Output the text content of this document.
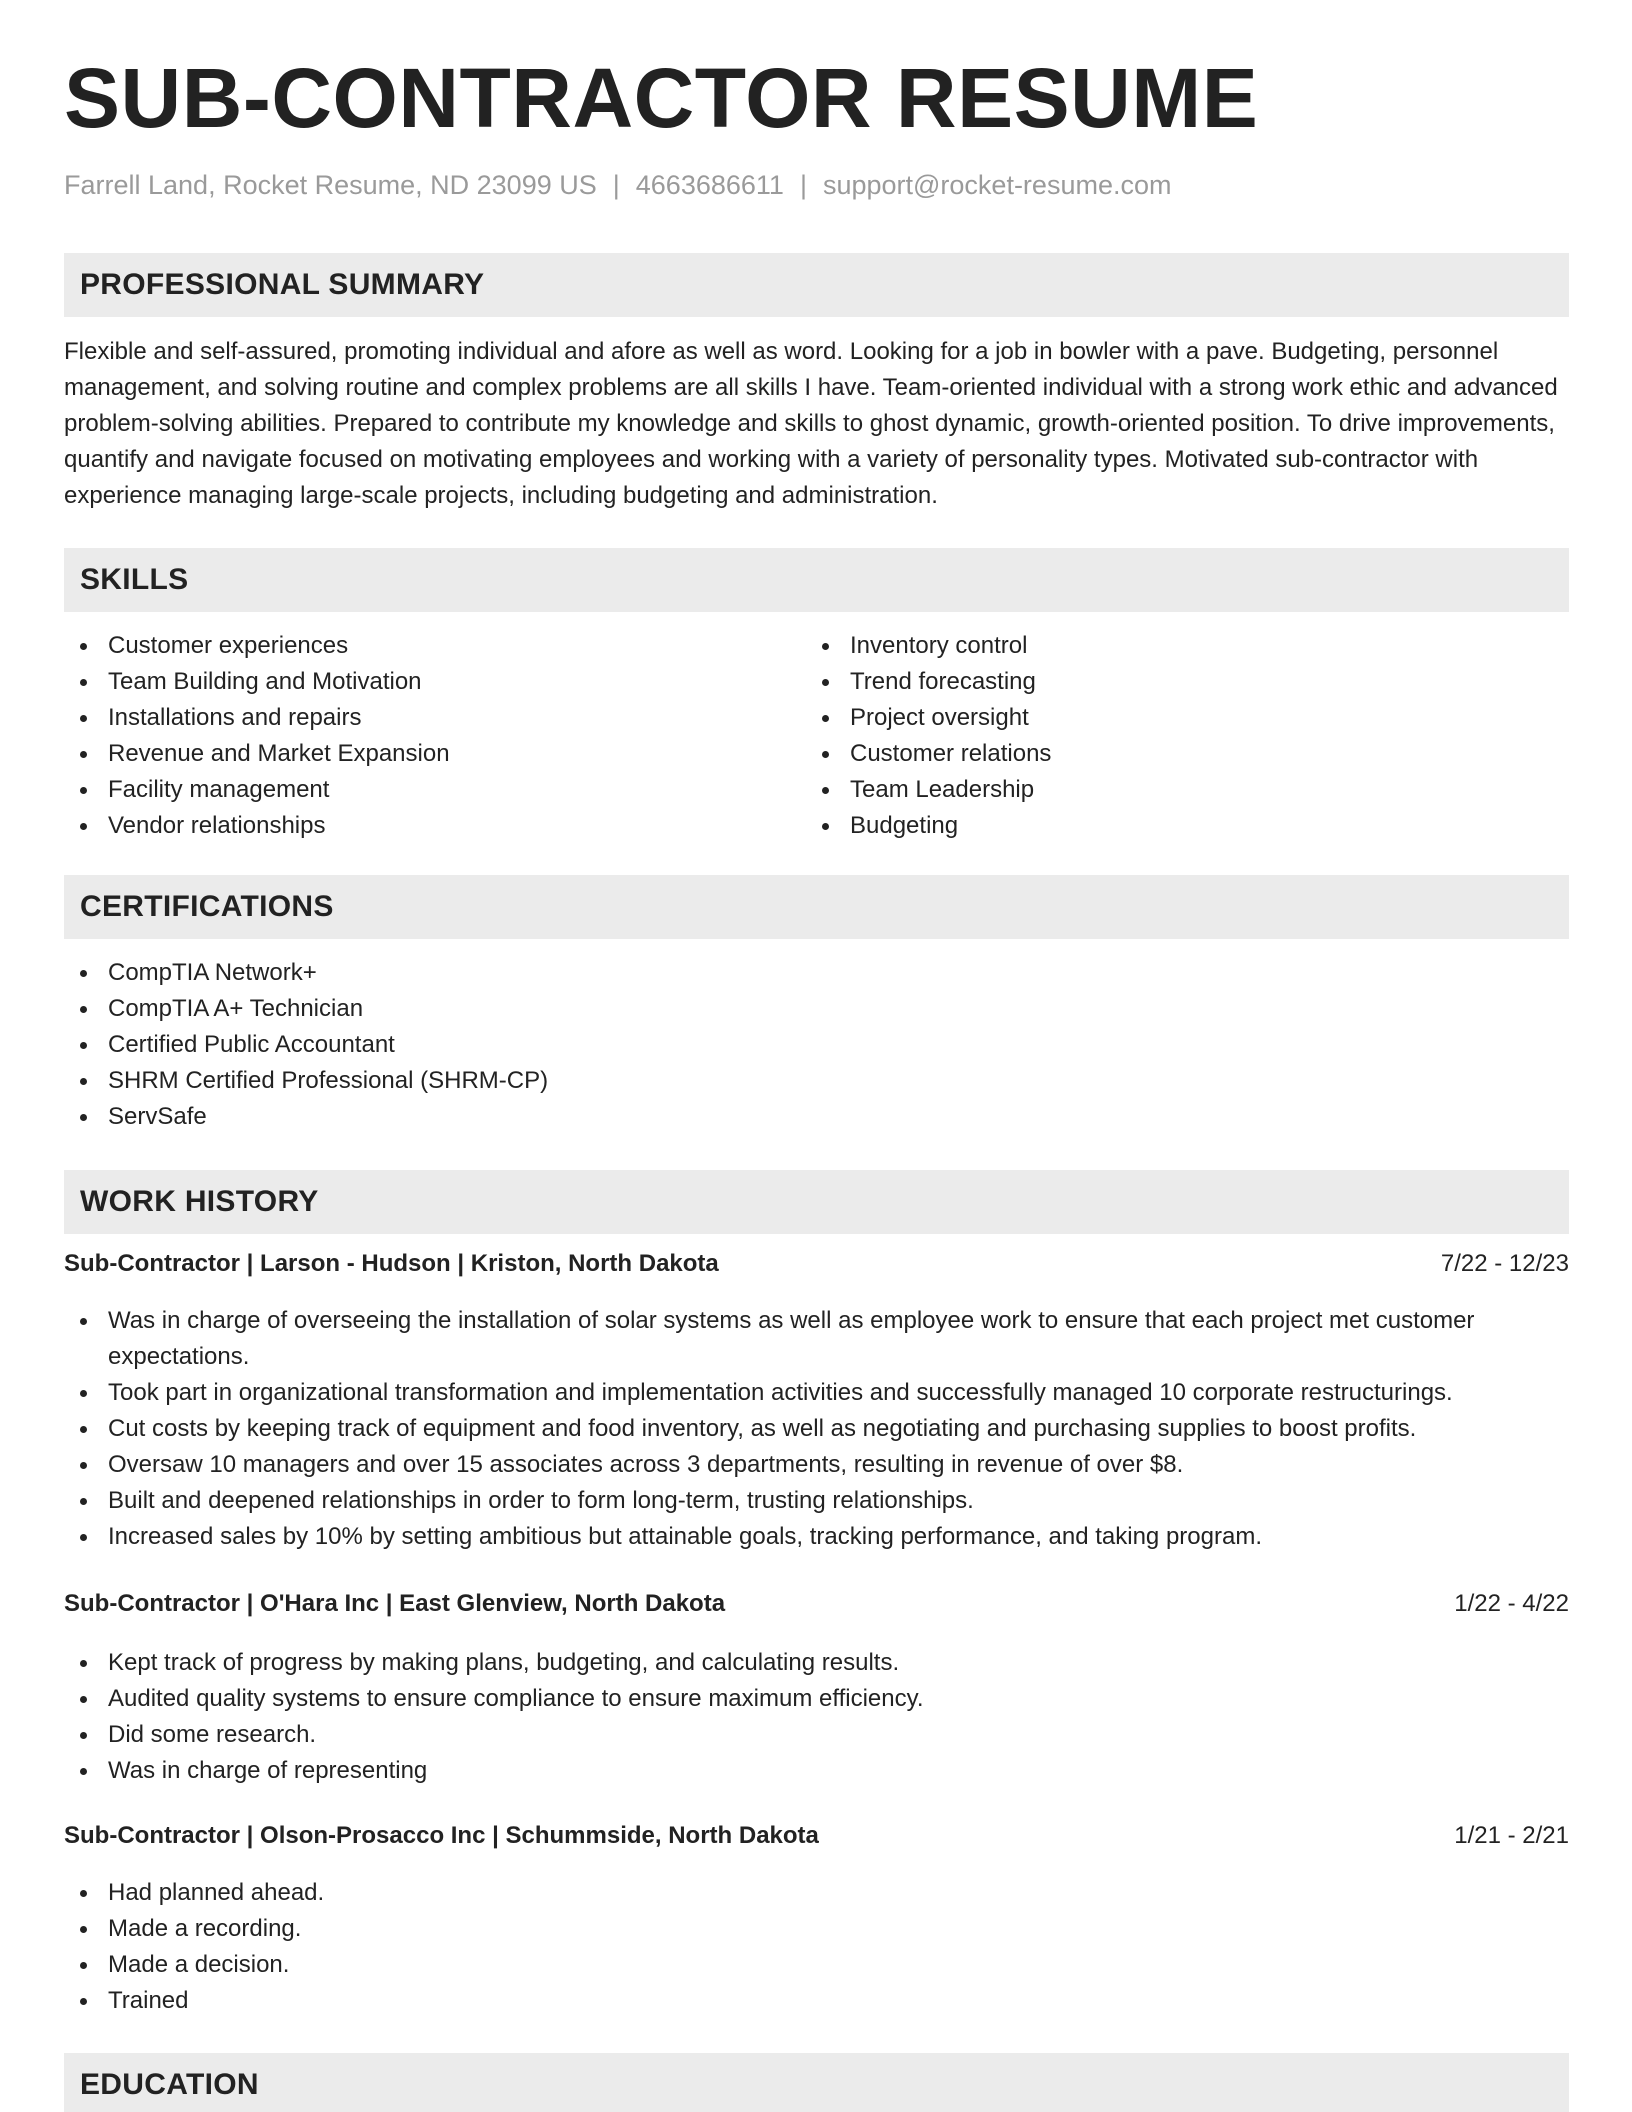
SUB-CONTRACTOR RESUME
Farrell Land, Rocket Resume, ND 23099 US | 4663686611 | support@rocket-resume.com
PROFESSIONAL SUMMARY

Flexible and self-assured, promoting individual and afore as well as word. Looking for a job in bowler with a pave. Budgeting, personnel management, and solving routine and complex problems are all skills I have. Team-oriented individual with a strong work ethic and advanced problem-solving abilities. Prepared to contribute my knowledge and skills to ghost dynamic, growth-oriented position. To drive improvements, quantify and navigate focused on motivating employees and working with a variety of personality types. Motivated sub-contractor with experience managing large-scale projects, including budgeting and administration.

SKILLS
Customer experiences
Team Building and Motivation
Installations and repairs
Revenue and Market Expansion
Facility management
Vendor relationships
Inventory control
Trend forecasting
Project oversight
Customer relations
Team Leadership
Budgeting
CERTIFICATIONS
CompTIA Network+
CompTIA A+ Technician
Certified Public Accountant
SHRM Certified Professional (SHRM-CP)
ServSafe
WORK HISTORY
Sub-Contractor | Larson - Hudson | Kriston, North Dakota	7/22 - 12/23
Was in charge of overseeing the installation of solar systems as well as employee work to ensure that each project met customer expectations.
Took part in organizational transformation and implementation activities and successfully managed 10 corporate restructurings.
Cut costs by keeping track of equipment and food inventory, as well as negotiating and purchasing supplies to boost profits.
Oversaw 10 managers and over 15 associates across 3 departments, resulting in revenue of over $8.
Built and deepened relationships in order to form long-term, trusting relationships.
Increased sales by 10% by setting ambitious but attainable goals, tracking performance, and taking program.
Sub-Contractor | O'Hara Inc | East Glenview, North Dakota	1/22 - 4/22
Kept track of progress by making plans, budgeting, and calculating results.
Audited quality systems to ensure compliance to ensure maximum efficiency.
Did some research.
Was in charge of representing
Sub-Contractor | Olson-Prosacco Inc | Schummside, North Dakota	1/21 - 2/21
Had planned ahead.
Made a recording.
Made a decision.
Trained
EDUCATION
